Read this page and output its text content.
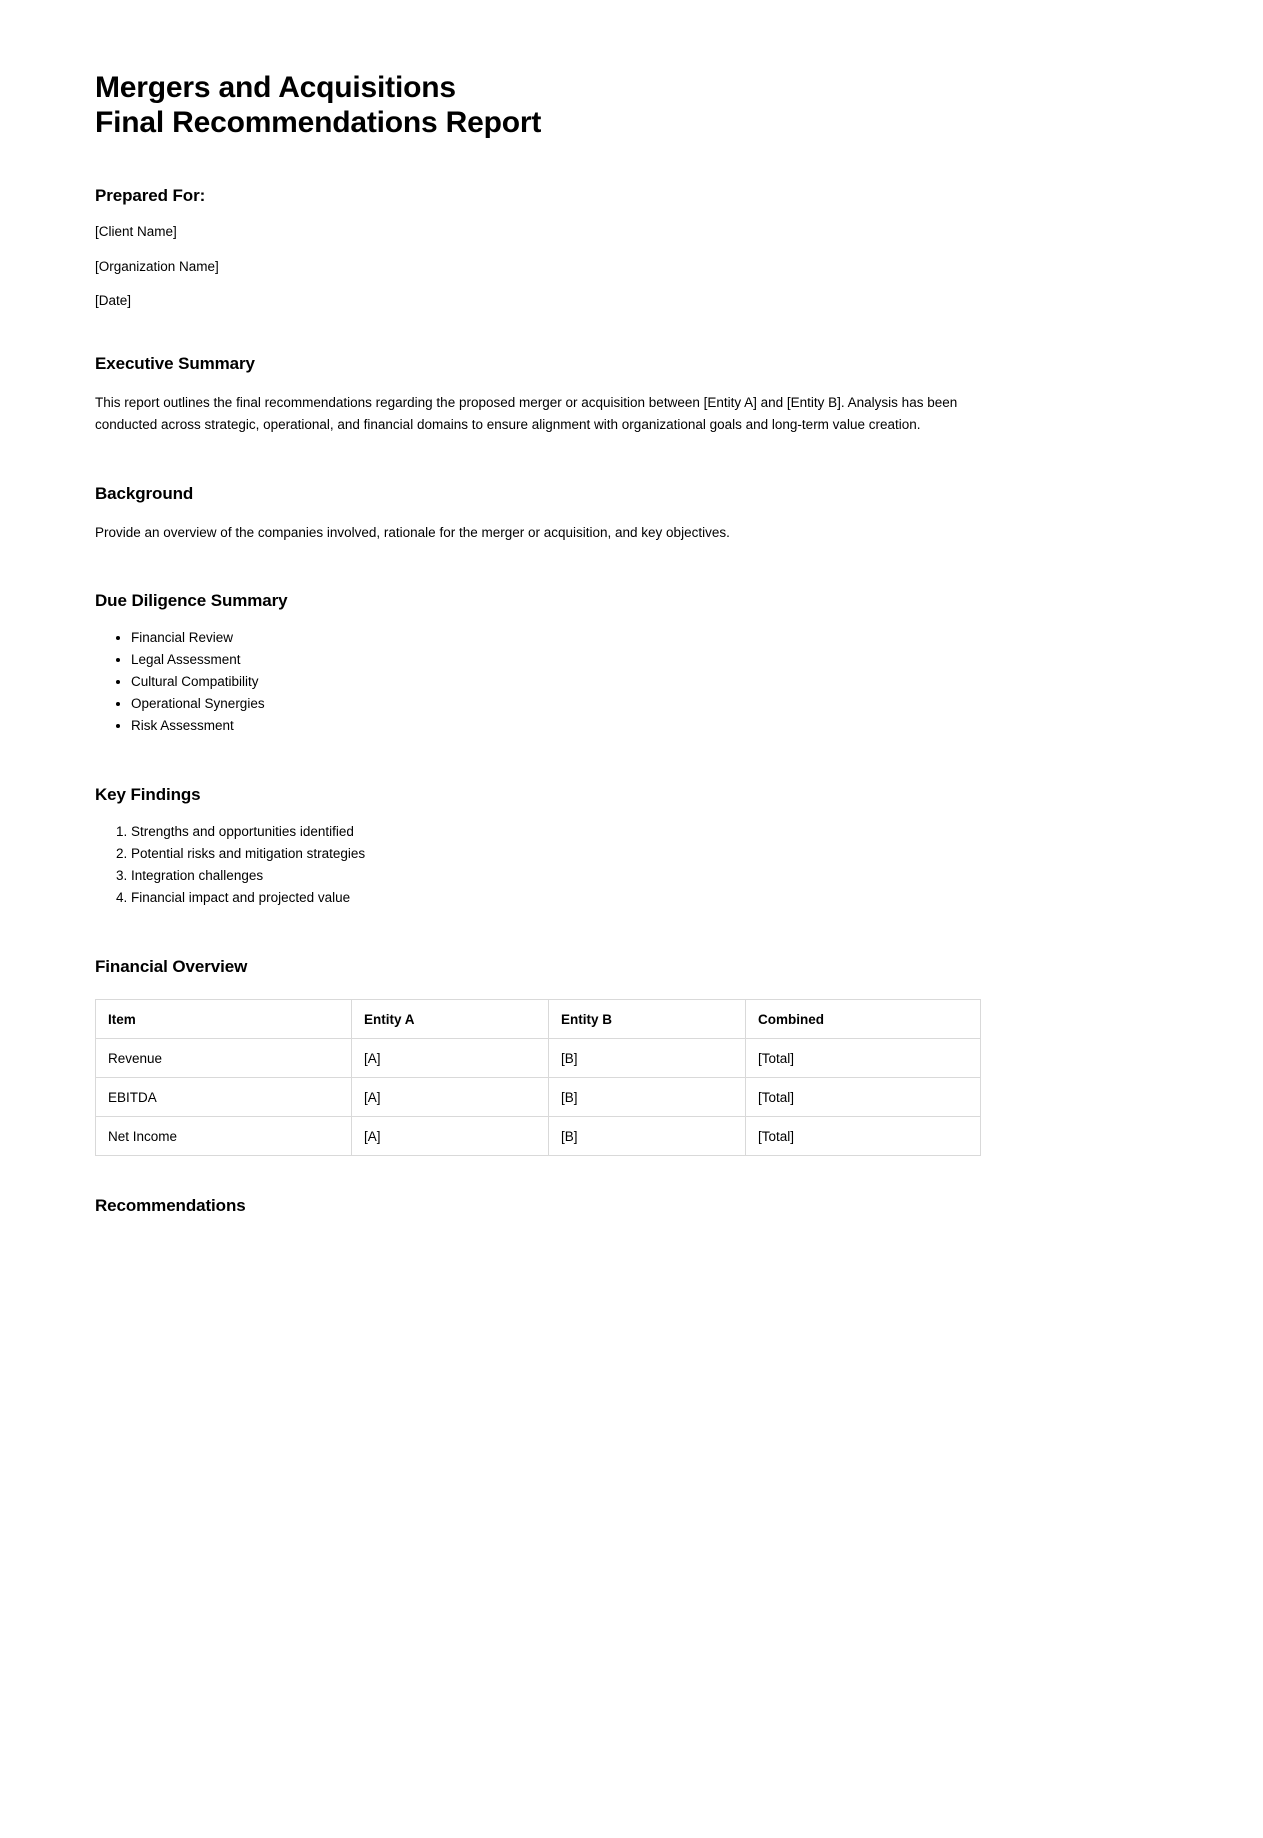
Mergers and Acquisitions
Final Recommendations Report
Prepared For:

[Client Name]

[Organization Name]

[Date]

Executive Summary

This report outlines the final recommendations regarding the proposed merger or acquisition between [Entity A] and [Entity B]. Analysis has been conducted across strategic, operational, and financial domains to ensure alignment with organizational goals and long-term value creation.

Background

Provide an overview of the companies involved, rationale for the merger or acquisition, and key objectives.

Due Diligence Summary
• Financial Review
• Legal Assessment
• Cultural Compatibility
• Operational Synergies
• Risk Assessment
Key Findings
1. Strengths and opportunities identified
2. Potential risks and mitigation strategies
3. Integration challenges
4. Financial impact and projected value
Financial Overview
Item	Entity A	Entity B	Combined
Revenue	[A]	[B]	[Total]
EBITDA	[A]	[B]	[Total]
Net Income	[A]	[B]	[Total]
Recommendations
